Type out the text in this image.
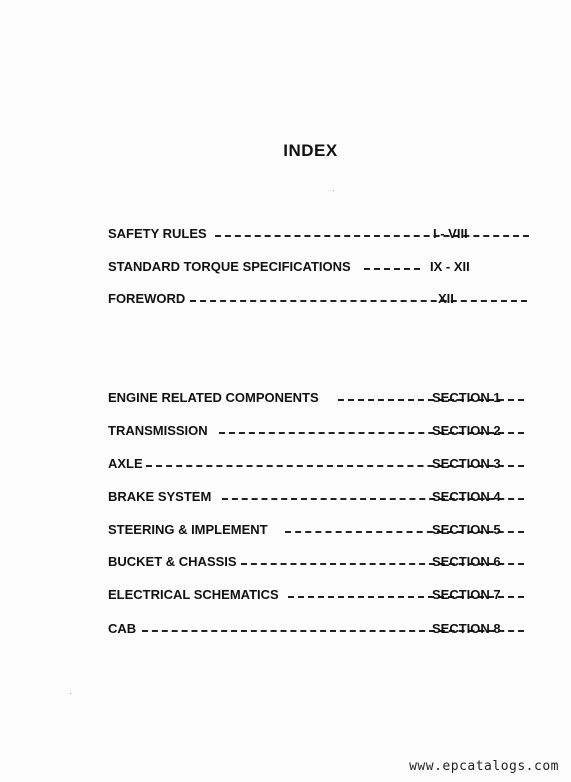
INDEX
SAFETY RULES	I - VIII
STANDARD TORQUE SPECIFICATIONS	IX - XII
FOREWORD	XII
ENGINE RELATED COMPONENTS	SECTION 1
TRANSMISSION	SECTION 2
AXLE	SECTION 3
BRAKE SYSTEM	SECTION 4
STEERING & IMPLEMENT	SECTION 5
BUCKET & CHASSIS	SECTION 6
ELECTRICAL SCHEMATICS	SECTION 7
CAB	SECTION 8
www.epcatalogs.com
